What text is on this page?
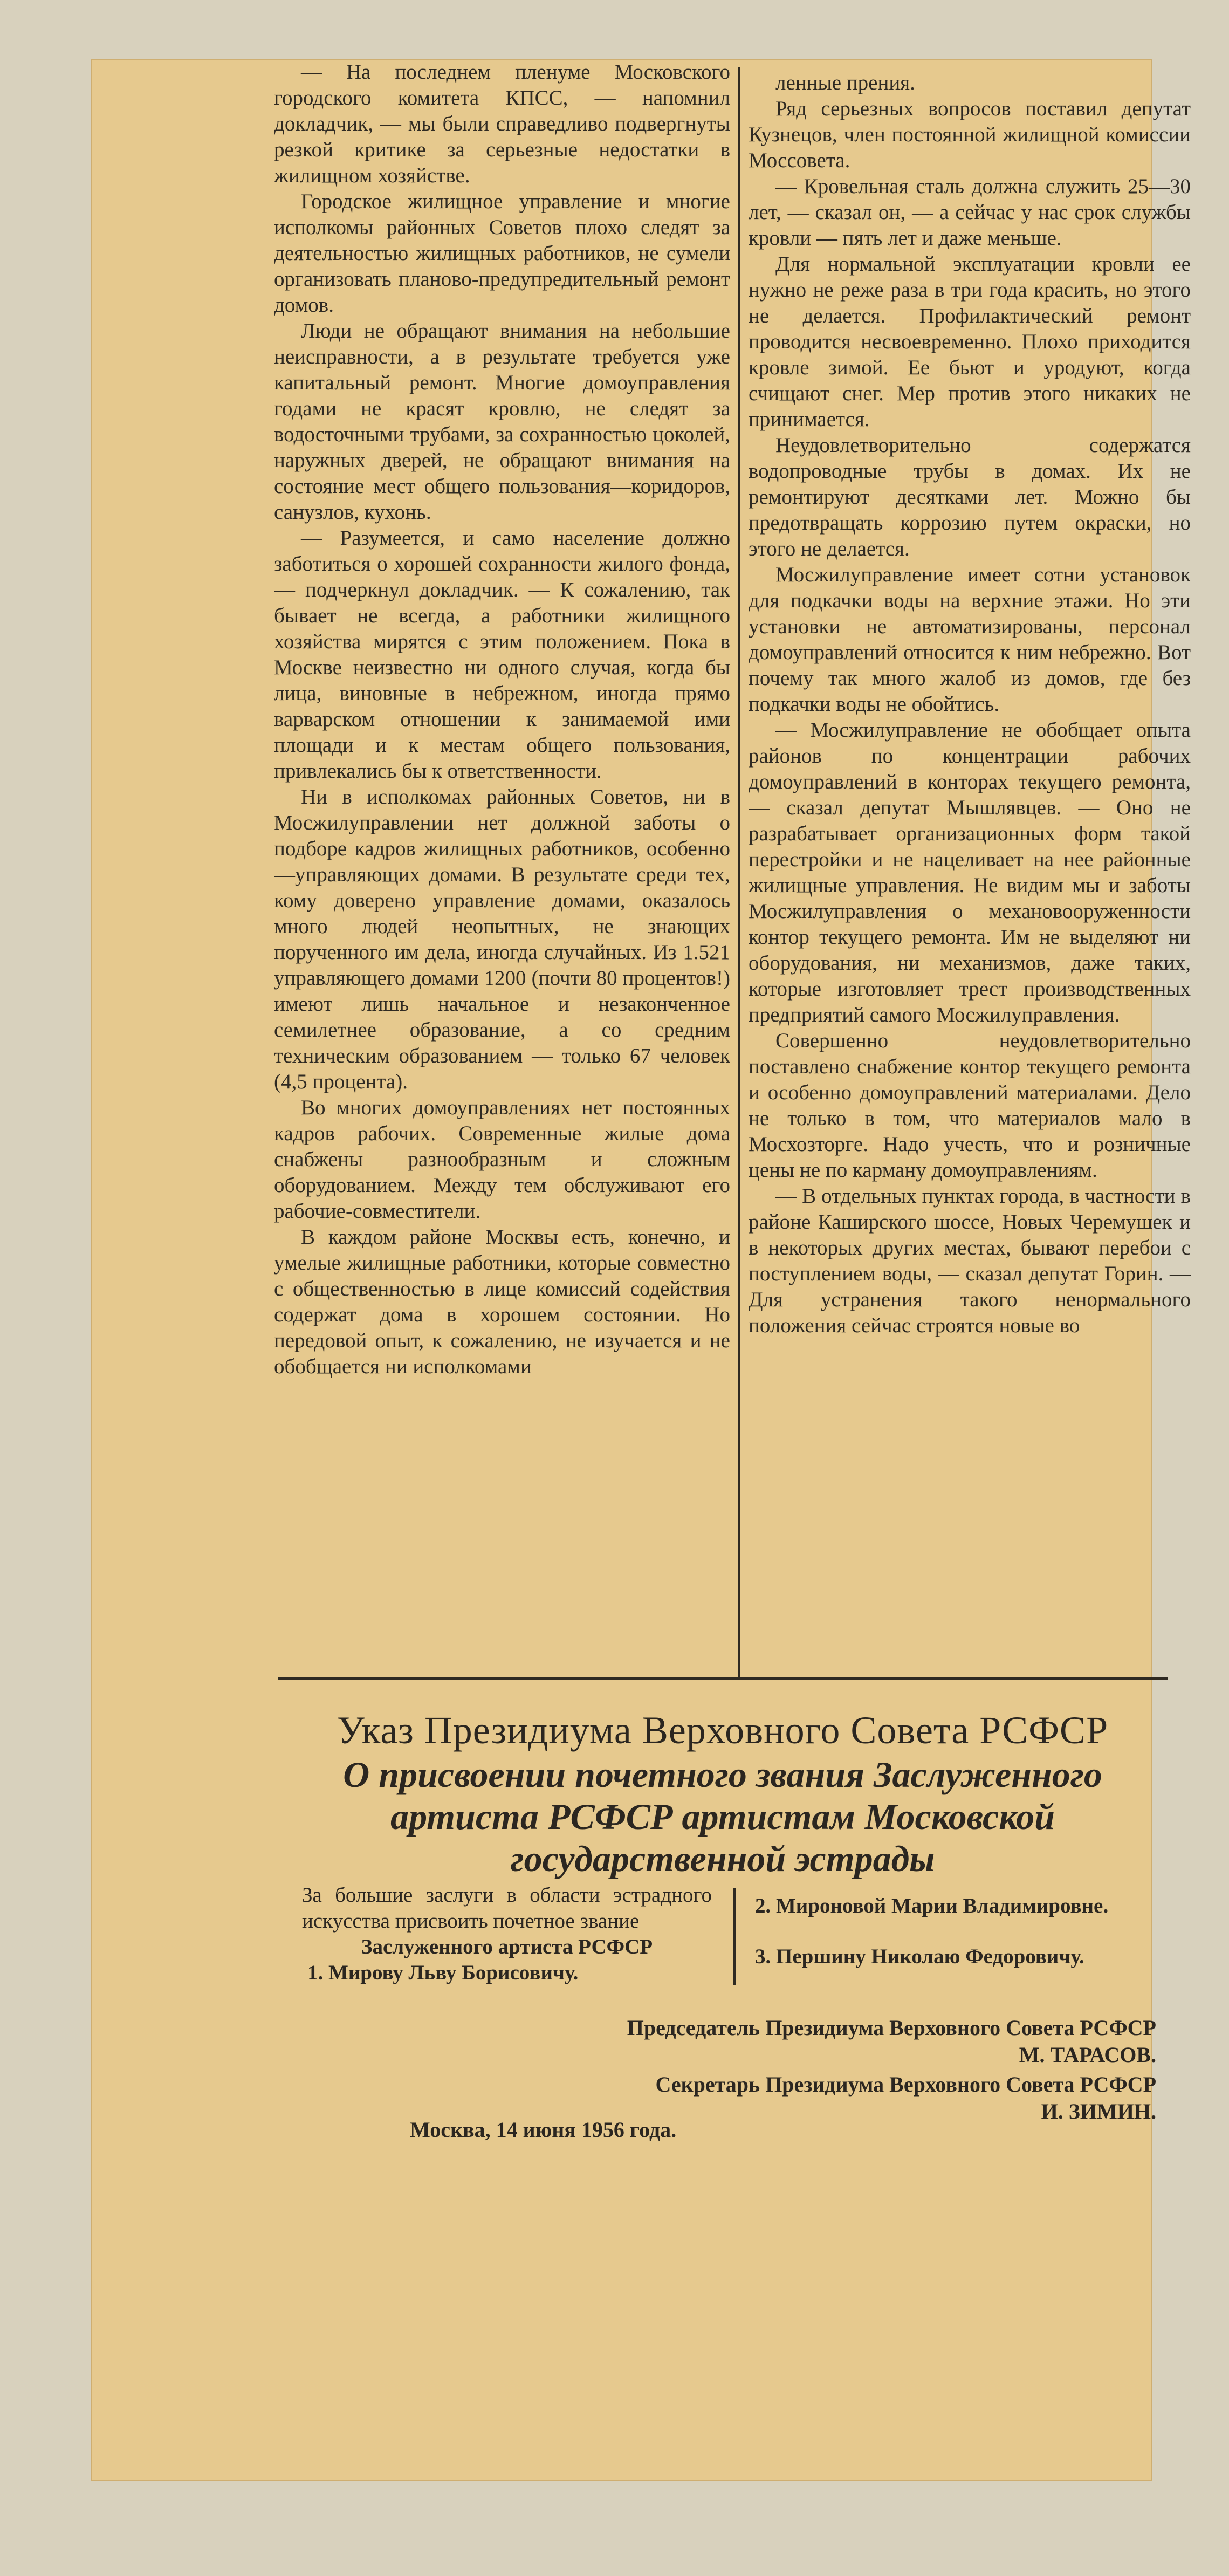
— На последнем пленуме Московского городского комитета КПСС, — напомнил докладчик, — мы были справедливо подвергнуты резкой критике за серьезные недостатки в жилищном хозяйстве.

Городское жилищное управление и многие исполкомы районных Советов плохо следят за деятельностью жилищных работников, не сумели организовать планово-предупредительный ремонт домов.

Люди не обращают внимания на небольшие неисправности, а в результате требуется уже капитальный ремонт. Многие домоуправления годами не красят кровлю, не следят за водосточными трубами, за сохранностью цоколей, наружных дверей, не обращают внимания на состояние мест общего пользования—коридоров, санузлов, кухонь.

— Разумеется, и само население должно заботиться о хорошей сохранности жилого фонда, — подчеркнул докладчик. — К сожалению, так бывает не всегда, а работники жилищного хозяйства мирятся с этим положением. Пока в Москве неизвестно ни одного случая, когда бы лица, виновные в небрежном, иногда прямо варварском отношении к занимаемой ими площади и к местам общего пользования, привлекались бы к ответственности.

Ни в исполкомах районных Советов, ни в Мосжилуправлении нет должной заботы о подборе кадров жилищных работников, особенно—управляющих домами. В результате среди тех, кому доверено управление домами, оказалось много людей неопытных, не знающих порученного им дела, иногда случайных. Из 1.521 управляющего домами 1200 (почти 80 процентов!) имеют лишь начальное и незаконченное семилетнее образование, а со средним техническим образованием — только 67 человек (4,5 процента).

Во многих домоуправлениях нет постоянных кадров рабочих. Современные жилые дома снабжены разнообразным и сложным оборудованием. Между тем обслуживают его рабочие-совместители.

В каждом районе Москвы есть, конечно, и умелые жилищные работники, которые совместно с общественностью в лице комиссий содействия содержат дома в хорошем состоянии. Но передовой опыт, к сожалению, не изучается и не обобщается ни исполкомами

ленные прения.

Ряд серьезных вопросов поставил депутат Кузнецов, член постоянной жилищной комиссии Моссовета.

— Кровельная сталь должна служить 25—30 лет, — сказал он, — а сейчас у нас срок службы кровли — пять лет и даже меньше.

Для нормальной эксплуатации кровли ее нужно не реже раза в три года красить, но этого не делается. Профилактический ремонт проводится несвоевременно. Плохо приходится кровле зимой. Ее бьют и уродуют, когда счищают снег. Мер против этого никаких не принимается.

Неудовлетворительно содержатся водопроводные трубы в домах. Их не ремонтируют десятками лет. Можно бы предотвращать коррозию путем окраски, но этого не делается.

Мосжилуправление имеет сотни установок для подкачки воды на верхние этажи. Но эти установки не автоматизированы, персонал домоуправлений относится к ним небрежно. Вот почему так много жалоб из домов, где без подкачки воды не обойтись.

— Мосжилуправление не обобщает опыта районов по концентрации рабочих домоуправлений в конторах текущего ремонта, — сказал депутат Мышлявцев. — Оно не разрабатывает организационных форм такой перестройки и не нацеливает на нее районные жилищные управления. Не видим мы и заботы Мосжилуправления о механовооруженности контор текущего ремонта. Им не выделяют ни оборудования, ни механизмов, даже таких, которые изготовляет трест производственных предприятий самого Мосжилуправления.

Совершенно неудовлетворительно поставлено снабжение контор текущего ремонта и особенно домоуправлений материалами. Дело не только в том, что материалов мало в Мосхозторге. Надо учесть, что и розничные цены не по карману домоуправлениям.

— В отдельных пунктах города, в частности в районе Каширского шоссе, Новых Черемушек и в некоторых других местах, бывают перебои с поступлением воды, — сказал депутат Горин. — Для устранения такого ненормального положения сейчас строятся новые во

Указ Президиума Верховного Совета РСФСР

О присвоении почетного звания Заслуженного артиста РСФСР артистам Московской государственной эстрады

За большие заслуги в области эстрадного искусства присвоить почетное звание

Заслуженного артиста РСФСР

1. Мирову Льву Борисовичу.

2. Мироновой Марии Владимировне.

3. Першину Николаю Федоровичу.

Председатель Президиума Верховного Совета РСФСР
М. ТАРАСОВ.
Секретарь Президиума Верховного Совета РСФСР
И. ЗИМИН.
Москва, 14 июня 1956 года.
